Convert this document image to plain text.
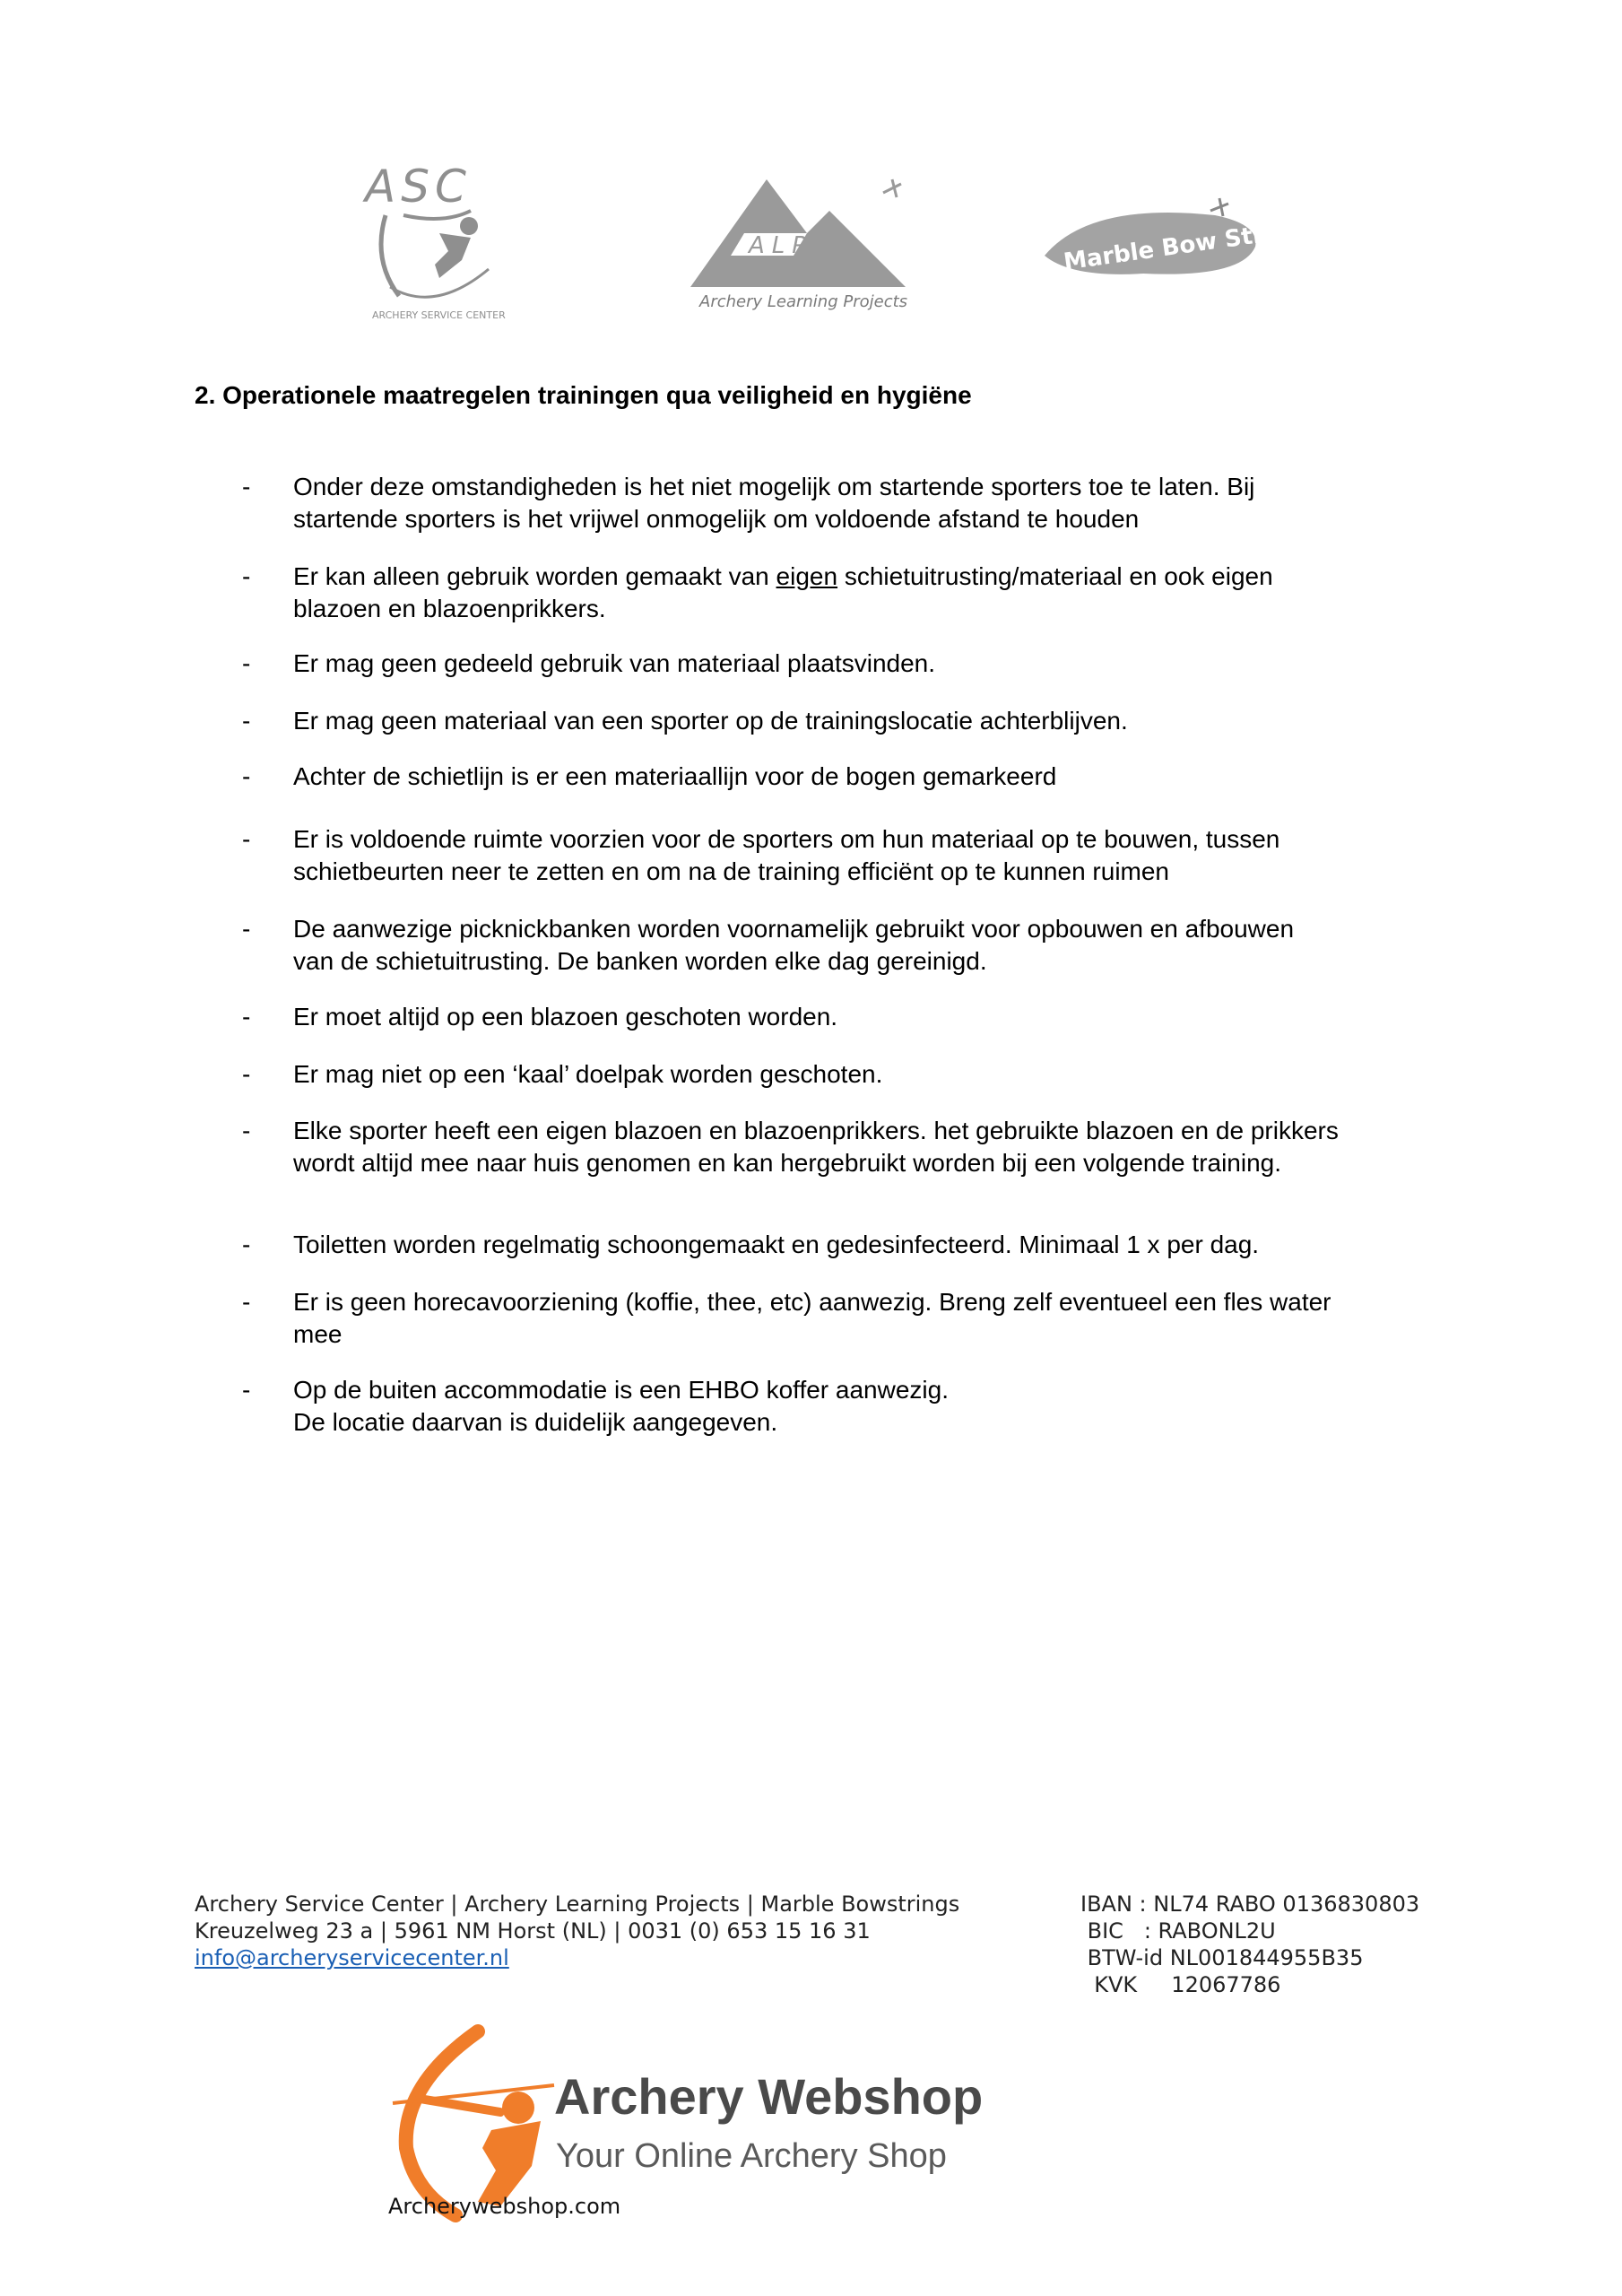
ASC
ARCHERY SERVICE CENTER
ALP
Archery Learning Projects
Marble Bow Strings
2. Operationele maatregelen trainingen qua veiligheid en hygiëne
- Onder deze omstandigheden is het niet mogelijk om startende sporters toe te laten. Bij
startende sporters is het vrijwel onmogelijk om voldoende afstand te houden
- Er kan alleen gebruik worden gemaakt van eigen schietuitrusting/materiaal en ook eigen
blazoen en blazoenprikkers.
- Er mag geen gedeeld gebruik van materiaal plaatsvinden.
- Er mag geen materiaal van een sporter op de trainingslocatie achterblijven.
- Achter de schietlijn is er een materiaallijn voor de bogen gemarkeerd
- Er is voldoende ruimte voorzien voor de sporters om hun materiaal op te bouwen, tussen
schietbeurten neer te zetten en om na de training efficiënt op te kunnen ruimen
- De aanwezige picknickbanken worden voornamelijk gebruikt voor opbouwen en afbouwen
van de schietuitrusting. De banken worden elke dag gereinigd.
- Er moet altijd op een blazoen geschoten worden.
- Er mag niet op een ‘kaal’ doelpak worden geschoten.
- Elke sporter heeft een eigen blazoen en blazoenprikkers. het gebruikte blazoen en de prikkers
wordt altijd mee naar huis genomen en kan hergebruikt worden bij een volgende training.
- Toiletten worden regelmatig schoongemaakt en gedesinfecteerd. Minimaal 1 x per dag.
- Er is geen horecavoorziening (koffie, thee, etc) aanwezig. Breng zelf eventueel een fles water
mee
- Op de buiten accommodatie is een EHBO koffer aanwezig.
De locatie daarvan is duidelijk aangegeven.
Archery Service Center | Archery Learning Projects | Marble Bowstrings
Kreuzelweg 23 a | 5961 NM Horst (NL) | 0031 (0) 653 15 16 31
info@archeryservicecenter.nl
IBAN : NL74 RABO 0136830803
BIC   : RABONL2U
BTW-id NL001844955B35
KVK     12067786
Archery Webshop
Your Online Archery Shop
Archerywebshop.com
